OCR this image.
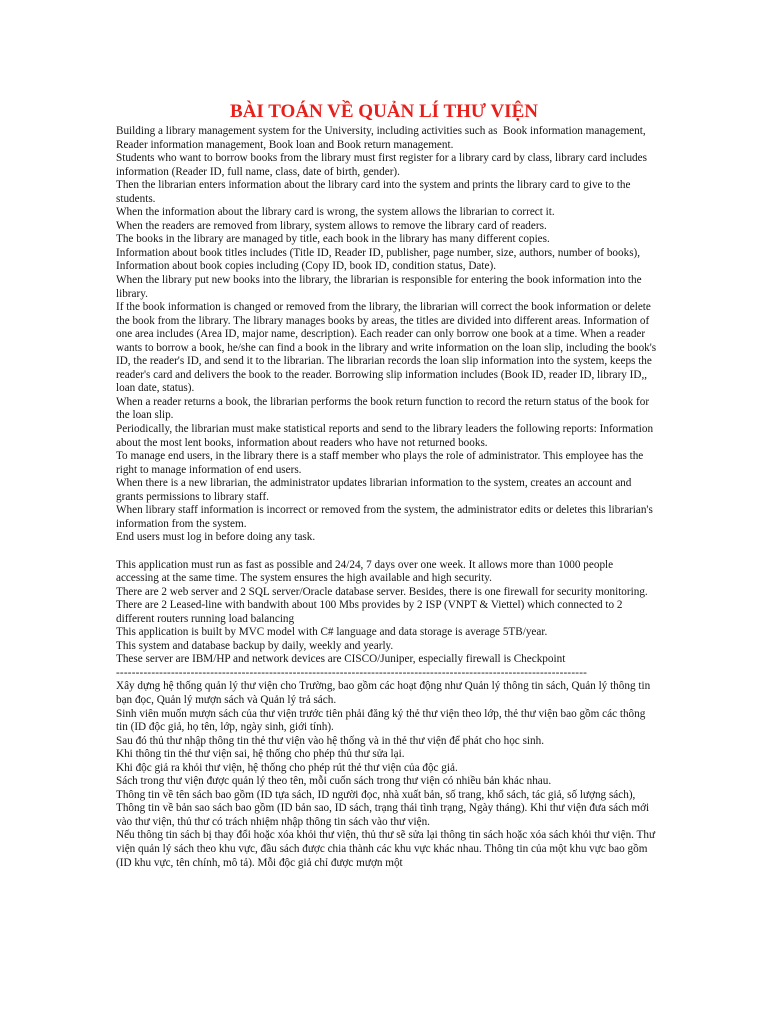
BÀI TOÁN VỀ QUẢN LÍ THƯ VIỆN

Building a library management system for the University, including activities such as  Book information management, Reader information management, Book loan and Book return management.

Students who want to borrow books from the library must first register for a library card by class, library card includes information (Reader ID, full name, class, date of birth, gender).

Then the librarian enters information about the library card into the system and prints the library card to give to the students.

When the information about the library card is wrong, the system allows the librarian to correct it.

When the readers are removed from library, system allows to remove the library card of readers.

The books in the library are managed by title, each book in the library has many different copies.

Information about book titles includes (Title ID, Reader ID, publisher, page number, size, authors, number of books), Information about book copies including (Copy ID, book ID, condition status, Date).

When the library put new books into the library, the librarian is responsible for entering the book information into the library.

If the book information is changed or removed from the library, the librarian will correct the book information or delete the book from the library. The library manages books by areas, the titles are divided into different areas. Information of one area includes (Area ID, major name, description). Each reader can only borrow one book at a time. When a reader wants to borrow a book, he/she can find a book in the library and write information on the loan slip, including the book's ID, the reader's ID, and send it to the librarian. The librarian records the loan slip information into the system, keeps the reader's card and delivers the book to the reader. Borrowing slip information includes (Book ID, reader ID, library ID,, loan date, status).

When a reader returns a book, the librarian performs the book return function to record the return status of the book for the loan slip.

Periodically, the librarian must make statistical reports and send to the library leaders the following reports: Information about the most lent books, information about readers who have not returned books.

To manage end users, in the library there is a staff member who plays the role of administrator. This employee has the right to manage information of end users.

When there is a new librarian, the administrator updates librarian information to the system, creates an account and grants permissions to library staff.

When library staff information is incorrect or removed from the system, the administrator edits or deletes this librarian's information from the system.

End users must log in before doing any task.

This application must run as fast as possible and 24/24, 7 days over one week. It allows more than 1000 people accessing at the same time. The system ensures the high available and high security.

There are 2 web server and 2 SQL server/Oracle database server. Besides, there is one firewall for security monitoring.

There are 2 Leased-line with bandwith about 100 Mbs provides by 2 ISP (VNPT & Viettel) which connected to 2 different routers running load balancing

This application is built by MVC model with C# language and data storage is average 5TB/year.

This system and database backup by daily, weekly and yearly.

These server are IBM/HP and network devices are CISCO/Juniper, especially firewall is Checkpoint

------------------------------------------------------------------------------------------------------------------------

Xây dựng hệ thống quản lý thư viện cho Trường, bao gồm các hoạt động như Quản lý thông tin sách, Quản lý thông tin bạn đọc, Quản lý mượn sách và Quản lý trả sách.

Sinh viên muốn mượn sách của thư viện trước tiên phải đăng ký thẻ thư viện theo lớp, thẻ thư viện bao gồm các thông tin (ID độc giả, họ tên, lớp, ngày sinh, giới tính).

Sau đó thủ thư nhập thông tin thẻ thư viện vào hệ thống và in thẻ thư viện để phát cho học sinh.

Khi thông tin thẻ thư viện sai, hệ thống cho phép thủ thư sửa lại.

Khi độc giả ra khỏi thư viện, hệ thống cho phép rút thẻ thư viện của độc giả.

Sách trong thư viện được quản lý theo tên, mỗi cuốn sách trong thư viện có nhiều bản khác nhau.

Thông tin về tên sách bao gồm (ID tựa sách, ID người đọc, nhà xuất bản, số trang, khổ sách, tác giả, số lượng sách), Thông tin về bản sao sách bao gồm (ID bản sao, ID sách, trạng thái tình trạng, Ngày tháng). Khi thư viện đưa sách mới vào thư viện, thủ thư có trách nhiệm nhập thông tin sách vào thư viện.

Nếu thông tin sách bị thay đổi hoặc xóa khỏi thư viện, thủ thư sẽ sửa lại thông tin sách hoặc xóa sách khỏi thư viện. Thư viện quản lý sách theo khu vực, đầu sách được chia thành các khu vực khác nhau. Thông tin của một khu vực bao gồm (ID khu vực, tên chính, mô tả). Mỗi độc giả chỉ được mượn một
